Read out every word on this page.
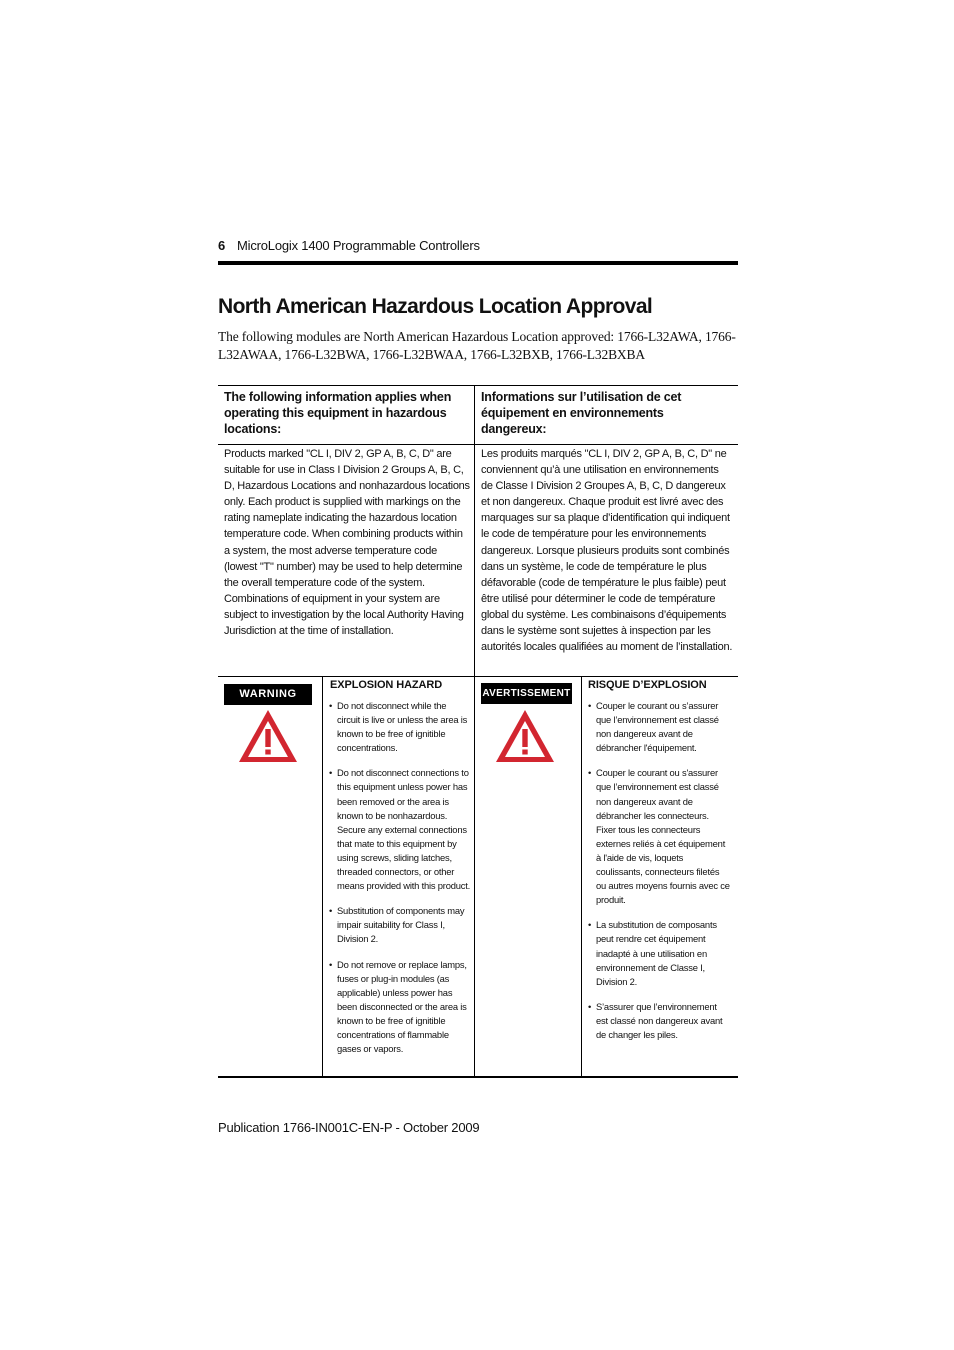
6 MicroLogix 1400 Programmable Controllers
North American Hazardous Location Approval

The following modules are North American Hazardous Location approved: 1766-L32AWA, 1766-L32AWAA, 1766-L32BWA, 1766-L32BWAA, 1766-L32BXB, 1766-L32BXBA

The following information applies when operating this equipment in hazardous locations:
Informations sur l’utilisation de cet équipement en environnements dangereux:
Products marked "CL I, DIV 2, GP A, B, C, D" are suitable for use in Class I Division 2 Groups A, B, C, D, Hazardous Locations and nonhazardous locations only. Each product is supplied with markings on the rating nameplate indicating the hazardous location temperature code. When combining products within a system, the most adverse temperature code (lowest "T" number) may be used to help determine the overall temperature code of the system. Combinations of equipment in your system are subject to investigation by the local Authority Having Jurisdiction at the time of installation.
Les produits marqués "CL I, DIV 2, GP A, B, C, D" ne conviennent qu’à une utilisation en environnements de Classe I Division 2 Groupes A, B, C, D dangereux et non dangereux. Chaque produit est livré avec des marquages sur sa plaque d’identification qui indiquent le code de température pour les environnements dangereux. Lorsque plusieurs produits sont combinés dans un système, le code de température le plus défavorable (code de température le plus faible) peut être utilisé pour déterminer le code de température global du système. Les combinaisons d’équipements dans le système sont sujettes à inspection par les autorités locales qualifiées au moment de l’installation.
WARNING
EXPLOSION HAZARD
• Do not disconnect while the circuit is live or unless the area is known to be free of ignitible concentrations.
• Do not disconnect connections to this equipment unless power has been removed or the area is known to be nonhazardous. Secure any external connections that mate to this equipment by using screws, sliding latches, threaded connectors, or other means provided with this product.
• Substitution of components may impair suitability for Class I, Division 2.
• Do not remove or replace lamps, fuses or plug-in modules (as applicable) unless power has been disconnected or the area is known to be free of ignitible concentrations of flammable gases or vapors.
AVERTISSEMENT
RISQUE D’EXPLOSION
• Couper le courant ou s’assurer que l’environnement est classé non dangereux avant de débrancher l'équipement.
• Couper le courant ou s'assurer que l’environnement est classé non dangereux avant de débrancher les connecteurs. Fixer tous les connecteurs externes reliés à cet équipement à l'aide de vis, loquets coulissants, connecteurs filetés ou autres moyens fournis avec ce produit.
• La substitution de composants peut rendre cet équipement inadapté à une utilisation en environnement de Classe I, Division 2.
• S’assurer que l’environnement est classé non dangereux avant de changer les piles.
Publication 1766-IN001C-EN-P - October 2009
